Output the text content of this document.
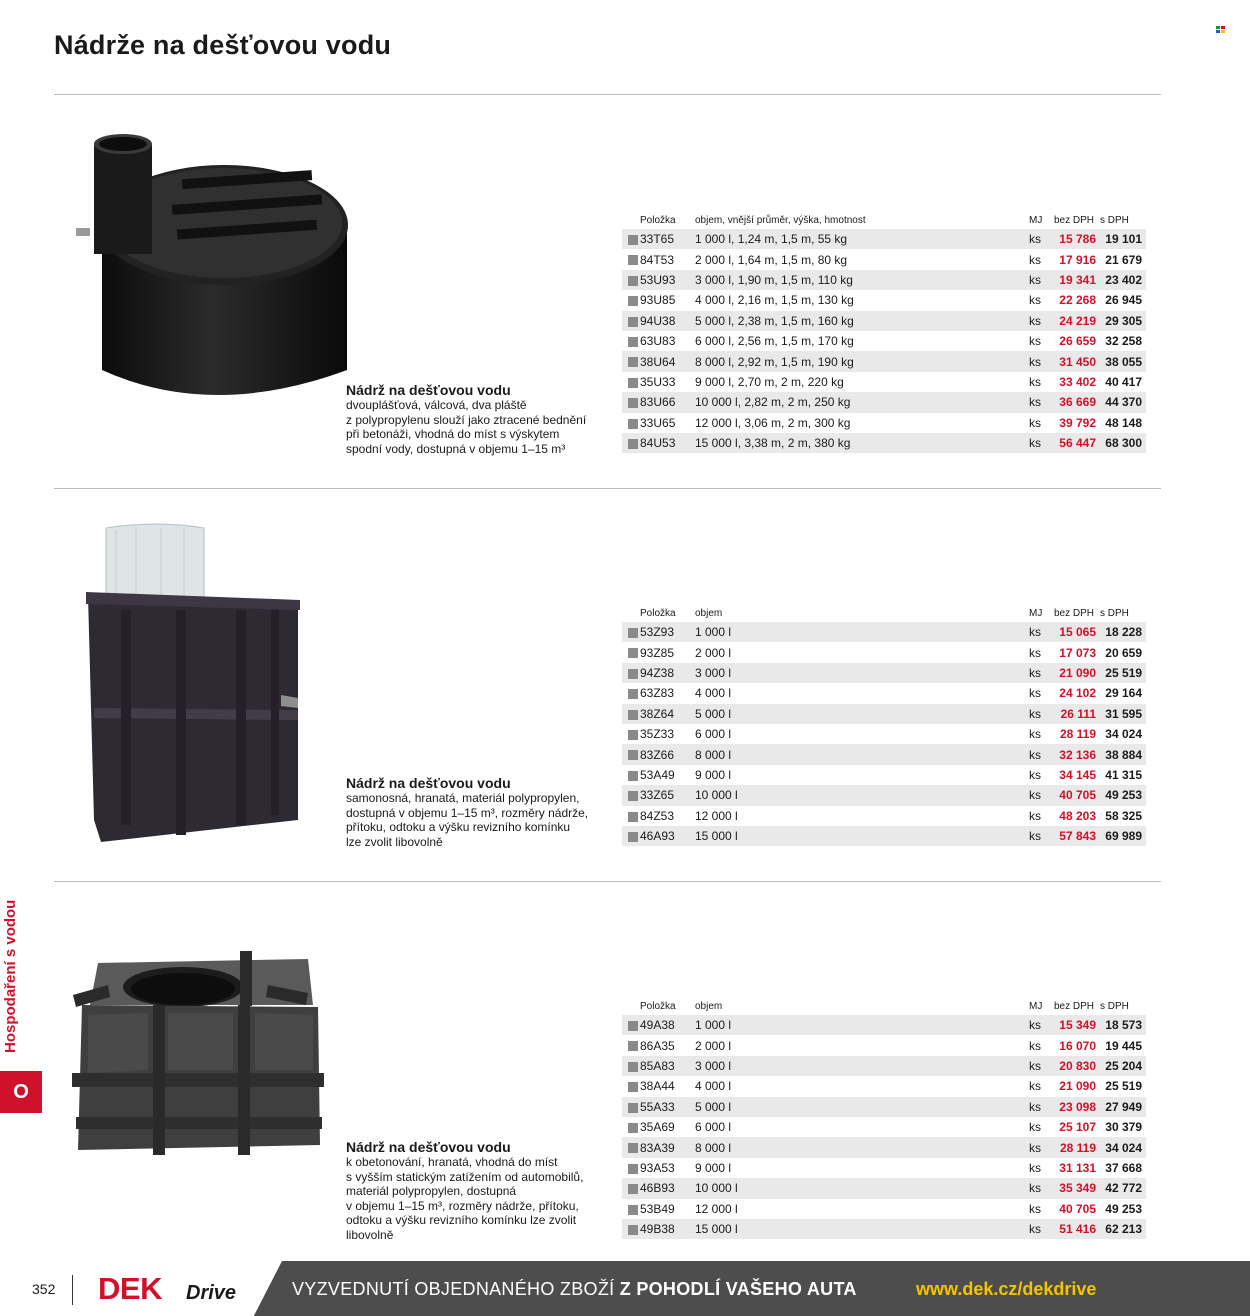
Nádrže na dešťovou vodu
Nádrž na dešťovou vodu
dvouplášťová, válcová, dva pláště
z polypropylenu slouží jako ztracené bednění
při betonáži, vhodná do míst s výskytem
spodní vody, dostupná v objemu 1–15 m³
	Položka	objem, vnější průměr, výška, hmotnost	MJ	bez DPH	s DPH
	33T65	1 000 l, 1,24 m, 1,5 m, 55 kg	ks	15 786	19 101
	84T53	2 000 l, 1,64 m, 1,5 m, 80 kg	ks	17 916	21 679
	53U93	3 000 l, 1,90 m, 1,5 m, 110 kg	ks	19 341	23 402
	93U85	4 000 l, 2,16 m, 1,5 m, 130 kg	ks	22 268	26 945
	94U38	5 000 l, 2,38 m, 1,5 m, 160 kg	ks	24 219	29 305
	63U83	6 000 l, 2,56 m, 1,5 m, 170 kg	ks	26 659	32 258
	38U64	8 000 l, 2,92 m, 1,5 m, 190 kg	ks	31 450	38 055
	35U33	9 000 l, 2,70 m, 2 m, 220 kg	ks	33 402	40 417
	83U66	10 000 l, 2,82 m, 2 m, 250 kg	ks	36 669	44 370
	33U65	12 000 l, 3,06 m, 2 m, 300 kg	ks	39 792	48 148
	84U53	15 000 l, 3,38 m, 2 m, 380 kg	ks	56 447	68 300
Nádrž na dešťovou vodu
samonosná, hranatá, materiál polypropylen,
dostupná v objemu 1–15 m³, rozměry nádrže,
přítoku, odtoku a výšku revizního komínku
lze zvolit libovolně
	Položka	objem	MJ	bez DPH	s DPH
	53Z93	1 000 l	ks	15 065	18 228
	93Z85	2 000 l	ks	17 073	20 659
	94Z38	3 000 l	ks	21 090	25 519
	63Z83	4 000 l	ks	24 102	29 164
	38Z64	5 000 l	ks	26 111	31 595
	35Z33	6 000 l	ks	28 119	34 024
	83Z66	8 000 l	ks	32 136	38 884
	53A49	9 000 l	ks	34 145	41 315
	33Z65	10 000 l	ks	40 705	49 253
	84Z53	12 000 l	ks	48 203	58 325
	46A93	15 000 l	ks	57 843	69 989
Nádrž na dešťovou vodu
k obetonování, hranatá, vhodná do míst
s vyšším statickým zatížením od automobilů,
materiál polypropylen, dostupná
v objemu 1–15 m³, rozměry nádrže, přítoku,
odtoku a výšku revizního komínku lze zvolit
libovolně
	Položka	objem	MJ	bez DPH	s DPH
	49A38	1 000 l	ks	15 349	18 573
	86A35	2 000 l	ks	16 070	19 445
	85A83	3 000 l	ks	20 830	25 204
	38A44	4 000 l	ks	21 090	25 519
	55A33	5 000 l	ks	23 098	27 949
	35A69	6 000 l	ks	25 107	30 379
	83A39	8 000 l	ks	28 119	34 024
	93A53	9 000 l	ks	31 131	37 668
	46B93	10 000 l	ks	35 349	42 772
	53B49	12 000 l	ks	40 705	49 253
	49B38	15 000 l	ks	51 416	62 213
Hospodaření s vodou
O
352 DEK Drive	VYZVEDNUTÍ OBJEDNANÉHO ZBOŽÍ Z POHODLÍ VAŠEHO AUTA	www.dek.cz/dekdrive
